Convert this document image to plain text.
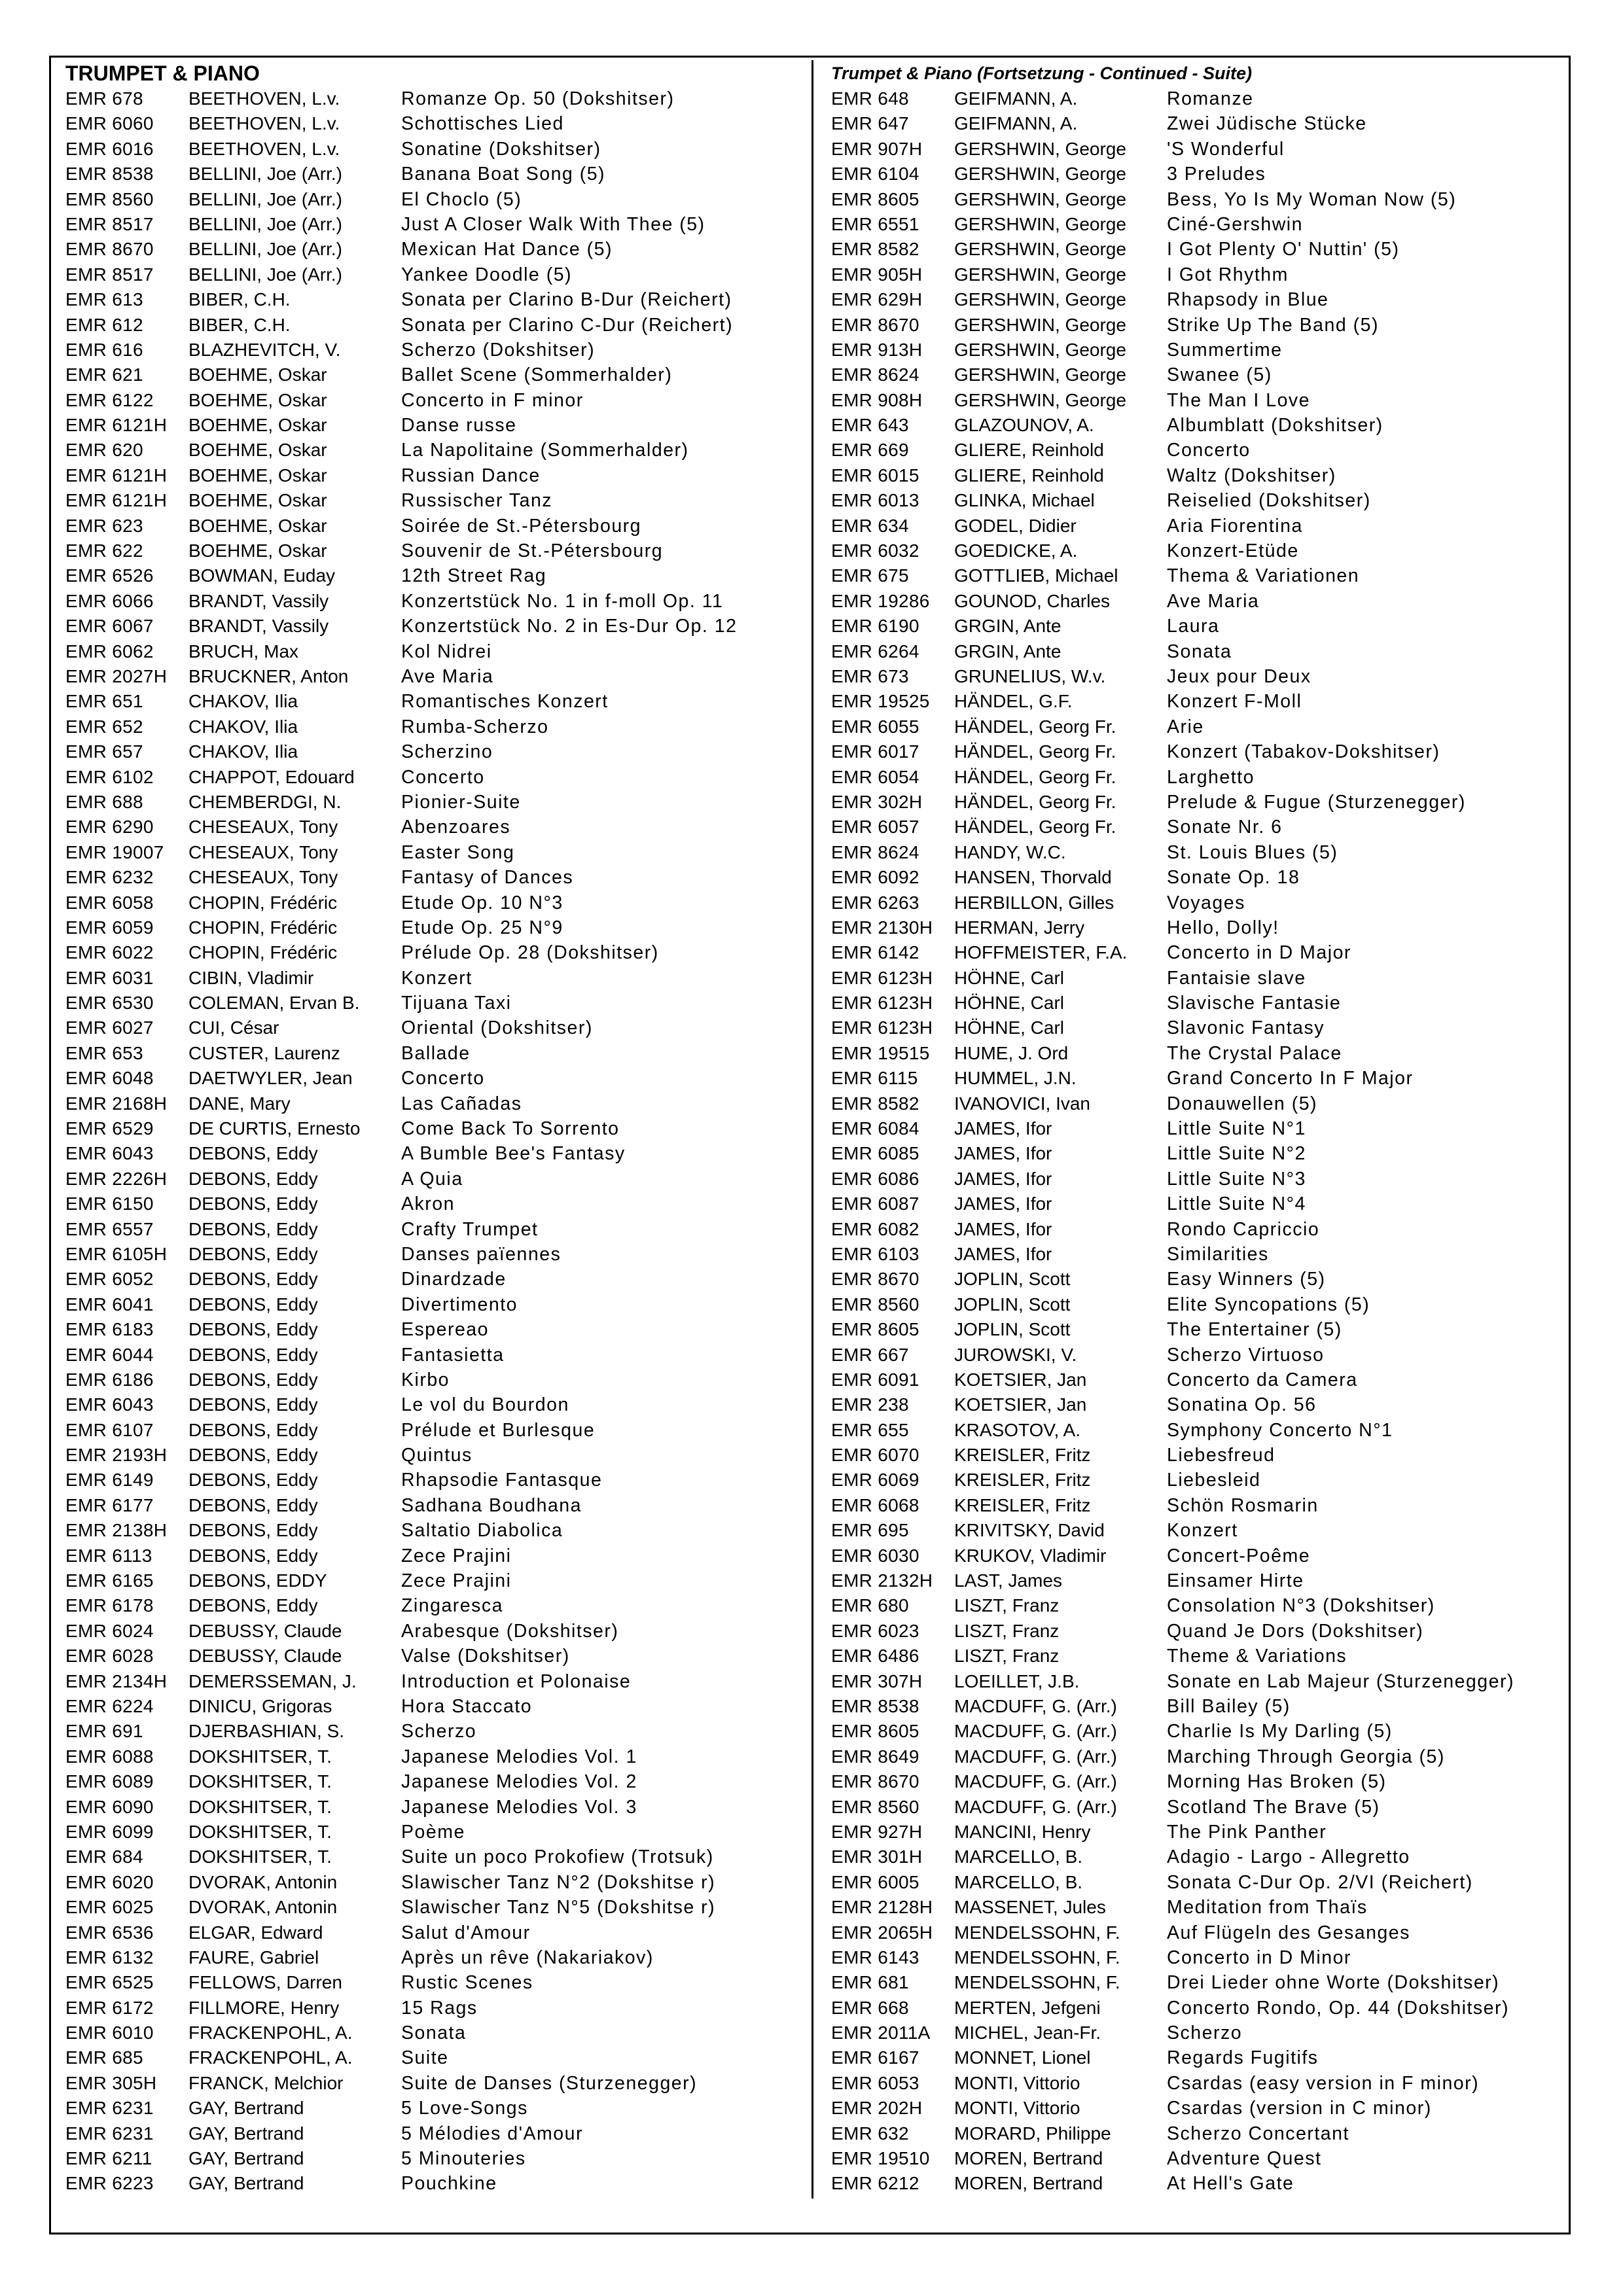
TRUMPET & PIANO
EMR 678	BEETHOVEN, L.v.	Romanze Op. 50 (Dokshitser)
EMR 6060	BEETHOVEN, L.v.	Schottisches Lied
EMR 6016	BEETHOVEN, L.v.	Sonatine (Dokshitser)
EMR 8538	BELLINI, Joe (Arr.)	Banana Boat Song (5)
EMR 8560	BELLINI, Joe (Arr.)	El Choclo (5)
EMR 8517	BELLINI, Joe (Arr.)	Just A Closer Walk With Thee (5)
EMR 8670	BELLINI, Joe (Arr.)	Mexican Hat Dance (5)
EMR 8517	BELLINI, Joe (Arr.)	Yankee Doodle (5)
EMR 613	BIBER, C.H.	Sonata per Clarino B-Dur (Reichert)
EMR 612	BIBER, C.H.	Sonata per Clarino C-Dur (Reichert)
EMR 616	BLAZHEVITCH, V.	Scherzo (Dokshitser)
EMR 621	BOEHME, Oskar	Ballet Scene (Sommerhalder)
EMR 6122	BOEHME, Oskar	Concerto in F minor
EMR 6121H	BOEHME, Oskar	Danse russe
EMR 620	BOEHME, Oskar	La Napolitaine (Sommerhalder)
EMR 6121H	BOEHME, Oskar	Russian Dance
EMR 6121H	BOEHME, Oskar	Russischer Tanz
EMR 623	BOEHME, Oskar	Soirée de St.-Pétersbourg
EMR 622	BOEHME, Oskar	Souvenir de St.-Pétersbourg
EMR 6526	BOWMAN, Euday	12th Street Rag
EMR 6066	BRANDT, Vassily	Konzertstück No. 1 in f-moll Op. 11
EMR 6067	BRANDT, Vassily	Konzertstück No. 2 in Es-Dur Op. 12
EMR 6062	BRUCH, Max	Kol Nidrei
EMR 2027H	BRUCKNER, Anton	Ave Maria
EMR 651	CHAKOV, Ilia	Romantisches Konzert
EMR 652	CHAKOV, Ilia	Rumba-Scherzo
EMR 657	CHAKOV, Ilia	Scherzino
EMR 6102	CHAPPOT, Edouard	Concerto
EMR 688	CHEMBERDGI, N.	Pionier-Suite
EMR 6290	CHESEAUX, Tony	Abenzoares
EMR 19007	CHESEAUX, Tony	Easter Song
EMR 6232	CHESEAUX, Tony	Fantasy of Dances
EMR 6058	CHOPIN, Frédéric	Etude Op. 10 N°3
EMR 6059	CHOPIN, Frédéric	Etude Op. 25 N°9
EMR 6022	CHOPIN, Frédéric	Prélude Op. 28 (Dokshitser)
EMR 6031	CIBIN, Vladimir	Konzert
EMR 6530	COLEMAN, Ervan B.	Tijuana Taxi
EMR 6027	CUI, César	Oriental (Dokshitser)
EMR 653	CUSTER, Laurenz	Ballade
EMR 6048	DAETWYLER, Jean	Concerto
EMR 2168H	DANE, Mary	Las Cañadas
EMR 6529	DE CURTIS, Ernesto	Come Back To Sorrento
EMR 6043	DEBONS, Eddy	A Bumble Bee's Fantasy
EMR 2226H	DEBONS, Eddy	A Quia
EMR 6150	DEBONS, Eddy	Akron
EMR 6557	DEBONS, Eddy	Crafty Trumpet
EMR 6105H	DEBONS, Eddy	Danses païennes
EMR 6052	DEBONS, Eddy	Dinardzade
EMR 6041	DEBONS, Eddy	Divertimento
EMR 6183	DEBONS, Eddy	Espereao
EMR 6044	DEBONS, Eddy	Fantasietta
EMR 6186	DEBONS, Eddy	Kirbo
EMR 6043	DEBONS, Eddy	Le vol du Bourdon
EMR 6107	DEBONS, Eddy	Prélude et Burlesque
EMR 2193H	DEBONS, Eddy	Quintus
EMR 6149	DEBONS, Eddy	Rhapsodie Fantasque
EMR 6177	DEBONS, Eddy	Sadhana Boudhana
EMR 2138H	DEBONS, Eddy	Saltatio Diabolica
EMR 6113	DEBONS, Eddy	Zece Prajini
EMR 6165	DEBONS, EDDY	Zece Prajini
EMR 6178	DEBONS, Eddy	Zingaresca
EMR 6024	DEBUSSY, Claude	Arabesque (Dokshitser)
EMR 6028	DEBUSSY, Claude	Valse (Dokshitser)
EMR 2134H	DEMERSSEMAN, J.	Introduction et Polonaise
EMR 6224	DINICU, Grigoras	Hora Staccato
EMR 691	DJERBASHIAN, S.	Scherzo
EMR 6088	DOKSHITSER, T.	Japanese Melodies Vol. 1
EMR 6089	DOKSHITSER, T.	Japanese Melodies Vol. 2
EMR 6090	DOKSHITSER, T.	Japanese Melodies Vol. 3
EMR 6099	DOKSHITSER, T.	Poème
EMR 684	DOKSHITSER, T.	Suite un poco Prokofiew (Trotsuk)
EMR 6020	DVORAK, Antonin	Slawischer Tanz N°2 (Dokshitse r)
EMR 6025	DVORAK, Antonin	Slawischer Tanz N°5 (Dokshitse r)
EMR 6536	ELGAR, Edward	Salut d'Amour
EMR 6132	FAURE, Gabriel	Après un rêve (Nakariakov)
EMR 6525	FELLOWS, Darren	Rustic Scenes
EMR 6172	FILLMORE, Henry	15 Rags
EMR 6010	FRACKENPOHL, A.	Sonata
EMR 685	FRACKENPOHL, A.	Suite
EMR 305H	FRANCK, Melchior	Suite de Danses (Sturzenegger)
EMR 6231	GAY, Bertrand	5 Love-Songs
EMR 6231	GAY, Bertrand	5 Mélodies d'Amour
EMR 6211	GAY, Bertrand	5 Minouteries
EMR 6223	GAY, Bertrand	Pouchkine
Trumpet & Piano (Fortsetzung - Continued - Suite)
EMR 648	GEIFMANN, A.	Romanze
EMR 647	GEIFMANN, A.	Zwei Jüdische Stücke
EMR 907H	GERSHWIN, George	'S Wonderful
EMR 6104	GERSHWIN, George	3 Preludes
EMR 8605	GERSHWIN, George	Bess, Yo Is My Woman Now (5)
EMR 6551	GERSHWIN, George	Ciné-Gershwin
EMR 8582	GERSHWIN, George	I Got Plenty O' Nuttin' (5)
EMR 905H	GERSHWIN, George	I Got Rhythm
EMR 629H	GERSHWIN, George	Rhapsody in Blue
EMR 8670	GERSHWIN, George	Strike Up The Band (5)
EMR 913H	GERSHWIN, George	Summertime
EMR 8624	GERSHWIN, George	Swanee (5)
EMR 908H	GERSHWIN, George	The Man I Love
EMR 643	GLAZOUNOV, A.	Albumblatt (Dokshitser)
EMR 669	GLIERE, Reinhold	Concerto
EMR 6015	GLIERE, Reinhold	Waltz (Dokshitser)
EMR 6013	GLINKA, Michael	Reiselied (Dokshitser)
EMR 634	GODEL, Didier	Aria Fiorentina
EMR 6032	GOEDICKE, A.	Konzert-Etüde
EMR 675	GOTTLIEB, Michael	Thema & Variationen
EMR 19286	GOUNOD, Charles	Ave Maria
EMR 6190	GRGIN, Ante	Laura
EMR 6264	GRGIN, Ante	Sonata
EMR 673	GRUNELIUS, W.v.	Jeux pour Deux
EMR 19525	HÄNDEL, G.F.	Konzert F-Moll
EMR 6055	HÄNDEL, Georg Fr.	Arie
EMR 6017	HÄNDEL, Georg Fr.	Konzert (Tabakov-Dokshitser)
EMR 6054	HÄNDEL, Georg Fr.	Larghetto
EMR 302H	HÄNDEL, Georg Fr.	Prelude & Fugue (Sturzenegger)
EMR 6057	HÄNDEL, Georg Fr.	Sonate Nr. 6
EMR 8624	HANDY, W.C.	St. Louis Blues (5)
EMR 6092	HANSEN, Thorvald	Sonate Op. 18
EMR 6263	HERBILLON, Gilles	Voyages
EMR 2130H	HERMAN, Jerry	Hello, Dolly!
EMR 6142	HOFFMEISTER, F.A.	Concerto in D Major
EMR 6123H	HÖHNE, Carl	Fantaisie slave
EMR 6123H	HÖHNE, Carl	Slavische Fantasie
EMR 6123H	HÖHNE, Carl	Slavonic Fantasy
EMR 19515	HUME, J. Ord	The Crystal Palace
EMR 6115	HUMMEL, J.N.	Grand Concerto In F Major
EMR 8582	IVANOVICI, Ivan	Donauwellen (5)
EMR 6084	JAMES, Ifor	Little Suite N°1
EMR 6085	JAMES, Ifor	Little Suite N°2
EMR 6086	JAMES, Ifor	Little Suite N°3
EMR 6087	JAMES, Ifor	Little Suite N°4
EMR 6082	JAMES, Ifor	Rondo Capriccio
EMR 6103	JAMES, Ifor	Similarities
EMR 8670	JOPLIN, Scott	Easy Winners (5)
EMR 8560	JOPLIN, Scott	Elite Syncopations (5)
EMR 8605	JOPLIN, Scott	The Entertainer (5)
EMR 667	JUROWSKI, V.	Scherzo Virtuoso
EMR 6091	KOETSIER, Jan	Concerto da Camera
EMR 238	KOETSIER, Jan	Sonatina Op. 56
EMR 655	KRASOTOV, A.	Symphony Concerto N°1
EMR 6070	KREISLER, Fritz	Liebesfreud
EMR 6069	KREISLER, Fritz	Liebesleid
EMR 6068	KREISLER, Fritz	Schön Rosmarin
EMR 695	KRIVITSKY, David	Konzert
EMR 6030	KRUKOV, Vladimir	Concert-Poême
EMR 2132H	LAST, James	Einsamer Hirte
EMR 680	LISZT, Franz	Consolation N°3 (Dokshitser)
EMR 6023	LISZT, Franz	Quand Je Dors (Dokshitser)
EMR 6486	LISZT, Franz	Theme & Variations
EMR 307H	LOEILLET, J.B.	Sonate en Lab Majeur (Sturzenegger)
EMR 8538	MACDUFF, G. (Arr.)	Bill Bailey (5)
EMR 8605	MACDUFF, G. (Arr.)	Charlie Is My Darling (5)
EMR 8649	MACDUFF, G. (Arr.)	Marching Through Georgia (5)
EMR 8670	MACDUFF, G. (Arr.)	Morning Has Broken (5)
EMR 8560	MACDUFF, G. (Arr.)	Scotland The Brave (5)
EMR 927H	MANCINI, Henry	The Pink Panther
EMR 301H	MARCELLO, B.	Adagio - Largo - Allegretto
EMR 6005	MARCELLO, B.	Sonata C-Dur Op. 2/VI (Reichert)
EMR 2128H	MASSENET, Jules	Meditation from Thaïs
EMR 2065H	MENDELSSOHN, F.	Auf Flügeln des Gesanges
EMR 6143	MENDELSSOHN, F.	Concerto in D Minor
EMR 681	MENDELSSOHN, F.	Drei Lieder ohne Worte (Dokshitser)
EMR 668	MERTEN, Jefgeni	Concerto Rondo, Op. 44 (Dokshitser)
EMR 2011A	MICHEL, Jean-Fr.	Scherzo
EMR 6167	MONNET, Lionel	Regards Fugitifs
EMR 6053	MONTI, Vittorio	Csardas (easy version in F minor)
EMR 202H	MONTI, Vittorio	Csardas (version in C minor)
EMR 632	MORARD, Philippe	Scherzo Concertant
EMR 19510	MOREN, Bertrand	Adventure Quest
EMR 6212	MOREN, Bertrand	At Hell's Gate
